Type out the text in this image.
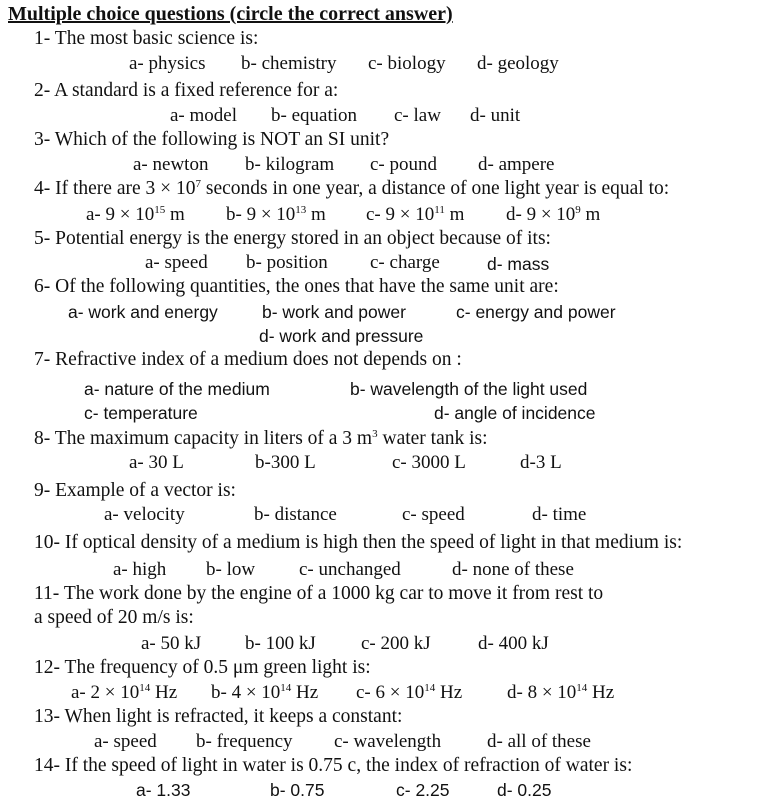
Multiple choice questions (circle the correct answer)
1- The most basic science is:
a- physics b- chemistry c- biology d- geology
2- A standard is a fixed reference for a:
a- model b- equation c- law d- unit
3- Which of the following is NOT an SI unit?
a- newton b- kilogram c- pound d- ampere
4- If there are $3 \times 10^7$ seconds in one year, a distance of one light year is equal to:
a- $9 \times 10^{15}$ m b- $9 \times 10^{13}$ m c- $9 \times 10^{11}$ m d- $9 \times 10^9$ m
5- Potential energy is the energy stored in an object because of its:
a- speed b- position c- charge	d- mass
6- Of the following quantities, the ones that have the same unit are:
a- work and energy	b- work and power	c- energy and power
d- work and pressure
7- Refractive index of a medium does not depends on :
a- nature of the medium	b- wavelength of the light used
c- temperature	d- angle of incidence
8- The maximum capacity in liters of a 3 $m^3$ water tank is:
a- 30 L	b-300 L	c- 3000 L	d-3 L
9- Example of a vector is:
a- velocity	b- distance	c- speed	d- time
10- If optical density of a medium is high then the speed of light in that medium is:
a- high b- low c- unchanged	d- none of these
11- The work done by the engine of a 1000 kg car to move it from rest to
a speed of 20 m/s is:
a- 50 kJ b- 100 kJ c- 200 kJ d- 400 kJ
12- The frequency of 0.5 μm green light is:
a- $2 \times 10^{14}$ Hz b- $4 \times 10^{14}$ Hz c- $6 \times 10^{14}$ Hz d- $8 \times 10^{14}$ Hz
13- When light is refracted, it keeps a constant:
a- speed b- frequency c- wavelength d- all of these
14- If the speed of light in water is 0.75 c, the index of refraction of water is:
a- 1.33	b- 0.75	c- 2.25	d- 0.25
